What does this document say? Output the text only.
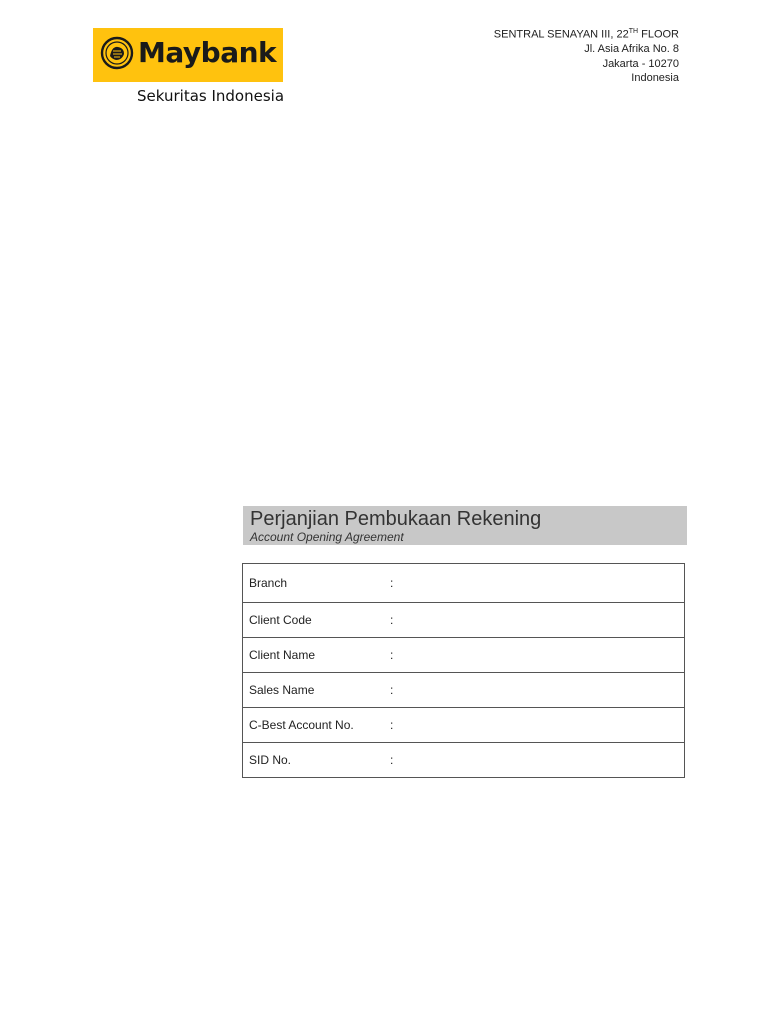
Maybank
Sekuritas Indonesia
SENTRAL SENAYAN III, 22TH FLOOR
Jl. Asia Afrika No. 8
Jakarta - 10270
Indonesia
Perjanjian Pembukaan Rekening
Account Opening Agreement
Branch	:
Client Code	:
Client Name	:
Sales Name	:
C-Best Account No.	:
SID No.	:
